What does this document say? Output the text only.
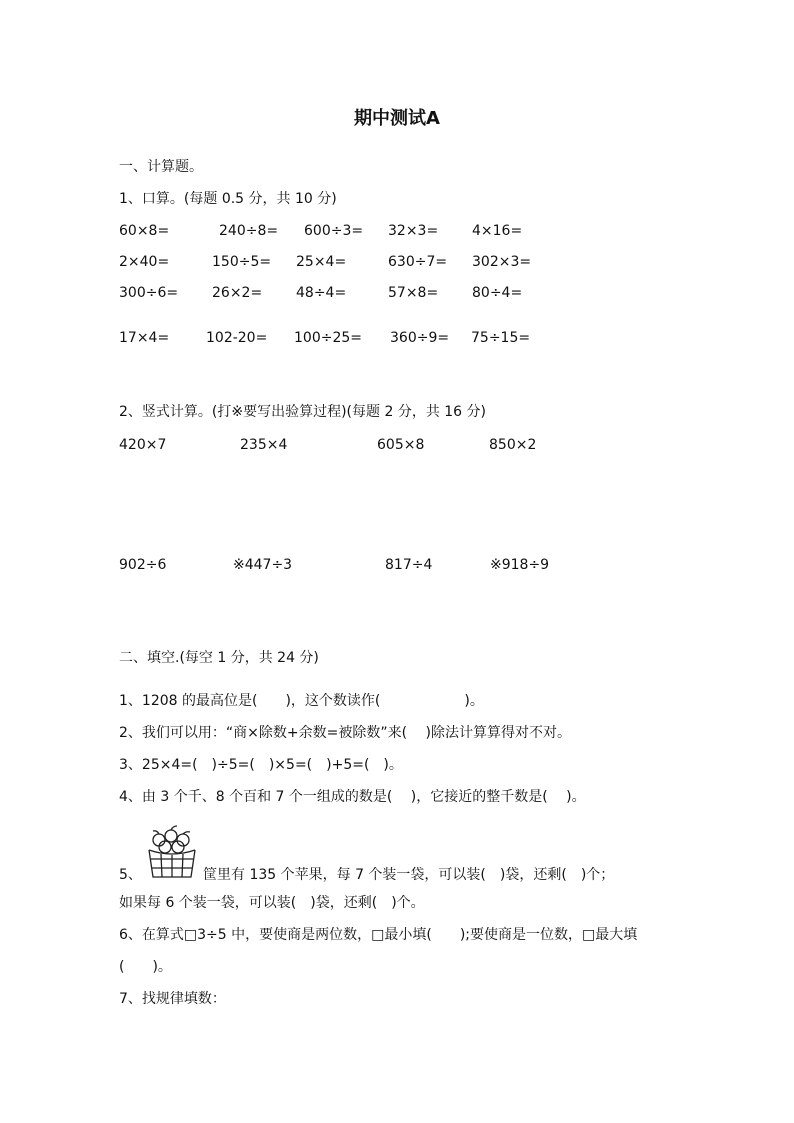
期中测试A
一、计算题。
1、口算。(每题 0.5 分，共 10 分)
60×8=	240÷8= 600÷3= 32×3= 4×16=
2×40=	150÷5= 25×4=	630÷7= 302×3=
300÷6= 26×2= 48÷4=	57×8= 80÷4=
17×4=	102-20= 100÷25= 360÷9= 75÷15=
2、竖式计算。(打※要写出验算过程)(每题 2 分，共 16 分)
420×7	235×4	605×8	850×2
902÷6	※447÷3	817÷4	※918÷9
二、填空.(每空 1 分，共 24 分)
1、1208 的最高位是(　　)，这个数读作(　　　　　　)。
2、我们可以用：“商×除数+余数=被除数”来(　 )除法计算算得对不对。
3、25×4=(　)÷5=(　)×5=(　)+5=(　)。
4、由 3 个千、8 个百和 7 个一组成的数是(　 )，它接近的整千数是(　 )。
5、	筐里有 135 个苹果，每 7 个装一袋，可以装(　)袋，还剩(　)个；
如果每 6 个装一袋，可以装(　)袋，还剩(　)个。
6、在算式□3÷5 中，要使商是两位数，□最小填(　　);要使商是一位数，□最大填
(　　)。
7、找规律填数：
